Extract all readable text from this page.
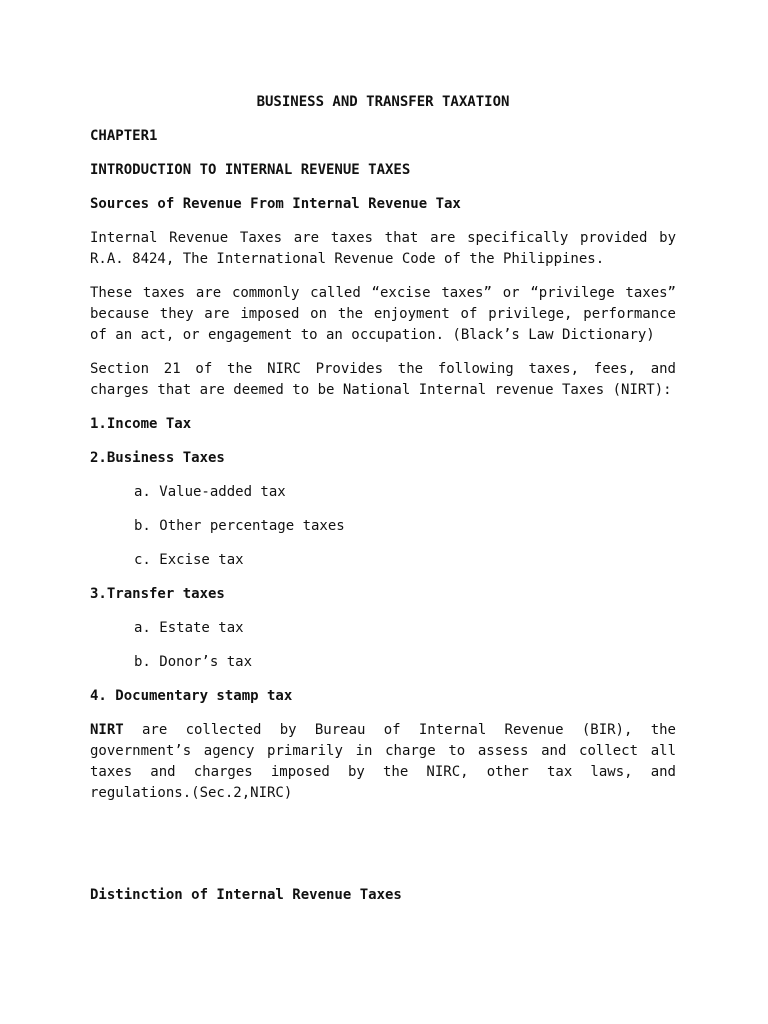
BUSINESS AND TRANSFER TAXATION
CHAPTER1
INTRODUCTION TO INTERNAL REVENUE TAXES
Sources of Revenue From Internal Revenue Tax
Internal Revenue Taxes are taxes that are specifically provided by R.A. 8424, The International Revenue Code of the Philippines.
These taxes are commonly called “excise taxes” or “privilege taxes” because they are imposed on the enjoyment of privilege, performance of an act, or engagement to an occupation. (Black’s Law Dictionary)
Section 21 of the NIRC Provides the following taxes, fees, and charges that are deemed to be National Internal revenue Taxes (NIRT):
1.Income Tax
2.Business Taxes
a. Value-added tax
b. Other percentage taxes
c. Excise tax
3.Transfer taxes
a. Estate tax
b. Donor’s tax
4. Documentary stamp tax
NIRT are collected by Bureau of Internal Revenue (BIR), the government’s agency primarily in charge to assess and collect all taxes and charges imposed by the NIRC, other tax laws, and regulations.(Sec.2,NIRC)
Distinction of Internal Revenue Taxes
